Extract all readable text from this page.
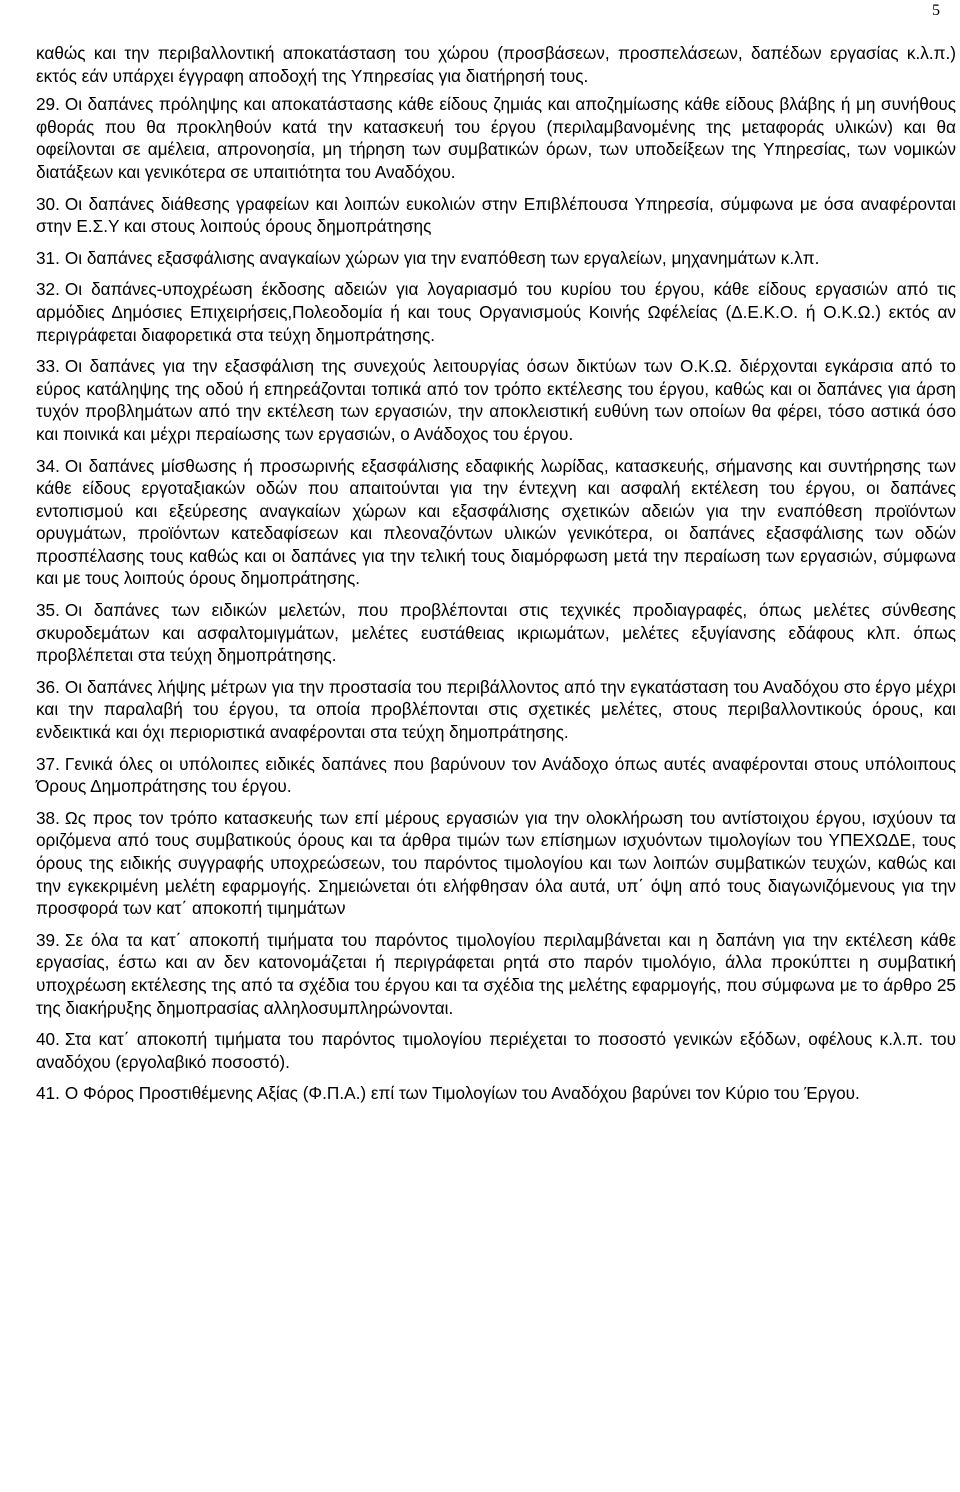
5

καθώς και την περιβαλλοντική αποκατάσταση του χώρου (προσβάσεων, προσπελάσεων, δαπέδων εργασίας κ.λ.π.) εκτός εάν υπάρχει έγγραφη αποδοχή της Υπηρεσίας για διατήρησή τους.

29. Οι δαπάνες πρόληψης και αποκατάστασης κάθε είδους ζημιάς και αποζημίωσης κάθε είδους βλάβης ή μη συνήθους φθοράς που θα προκληθούν κατά την κατασκευή του έργου (περιλαμβανομένης της μεταφοράς υλικών) και θα οφείλονται σε αμέλεια, απρονοησία, μη τήρηση των συμβατικών όρων, των υποδείξεων της Υπηρεσίας, των νομικών διατάξεων και γενικότερα σε υπαιτιότητα του Αναδόχου.

30. Οι δαπάνες διάθεσης γραφείων και λοιπών ευκολιών στην Επιβλέπουσα Υπηρεσία, σύμφωνα με όσα αναφέρονται στην Ε.Σ.Υ και στους λοιπούς όρους δημοπράτησης

31. Οι δαπάνες εξασφάλισης αναγκαίων χώρων για την εναπόθεση των εργαλείων, μηχανημάτων κ.λπ.

32. Οι δαπάνες-υποχρέωση έκδοσης αδειών για λογαριασμό του κυρίου του έργου, κάθε είδους εργασιών από τις αρμόδιες Δημόσιες Επιχειρήσεις,Πολεοδομία ή και τους Οργανισμούς Κοινής Ωφέλείας (Δ.Ε.Κ.Ο. ή Ο.Κ.Ω.) εκτός αν περιγράφεται διαφορετικά στα τεύχη δημοπράτησης.

33. Οι δαπάνες για την εξασφάλιση της συνεχούς λειτουργίας όσων δικτύων των Ο.Κ.Ω. διέρχονται εγκάρσια από το εύρος κατάληψης της οδού ή επηρεάζονται τοπικά από τον τρόπο εκτέλεσης του έργου, καθώς και οι δαπάνες για άρση τυχόν προβλημάτων από την εκτέλεση των εργασιών, την αποκλειστική ευθύνη των οποίων θα φέρει, τόσο αστικά όσο και ποινικά και μέχρι περαίωσης των εργασιών, ο Ανάδοχος του έργου.

34. Οι δαπάνες μίσθωσης ή προσωρινής εξασφάλισης εδαφικής λωρίδας, κατασκευής, σήμανσης και συντήρησης των κάθε είδους εργοταξιακών οδών που απαιτούνται για την έντεχνη και ασφαλή εκτέλεση του έργου, οι δαπάνες εντοπισμού και εξεύρεσης αναγκαίων χώρων και εξασφάλισης σχετικών αδειών για την εναπόθεση προϊόντων ορυγμάτων, προϊόντων κατεδαφίσεων και πλεοναζόντων υλικών γενικότερα, οι δαπάνες εξασφάλισης των οδών προσπέλασης τους καθώς και οι δαπάνες για την τελική τους διαμόρφωση μετά την περαίωση των εργασιών, σύμφωνα και με τους λοιπούς όρους δημοπράτησης.

35. Οι δαπάνες των ειδικών μελετών, που προβλέπονται στις τεχνικές προδιαγραφές, όπως μελέτες σύνθεσης σκυροδεμάτων και ασφαλτομιγμάτων, μελέτες ευστάθειας ικριωμάτων, μελέτες εξυγίανσης εδάφους κλπ. όπως προβλέπεται στα τεύχη δημοπράτησης.

36. Οι δαπάνες λήψης μέτρων για την προστασία του περιβάλλοντος από την εγκατάσταση του Αναδόχου στο έργο μέχρι και την παραλαβή του έργου, τα οποία προβλέπονται στις σχετικές μελέτες, στους περιβαλλοντικούς όρους, και ενδεικτικά και όχι περιοριστικά αναφέρονται στα τεύχη δημοπράτησης.

37. Γενικά όλες οι υπόλοιπες ειδικές δαπάνες που βαρύνουν τον Ανάδοχο όπως αυτές αναφέρονται στους υπόλοιπους Όρους Δημοπράτησης του έργου.

38. Ως προς τον τρόπο κατασκευής των επί μέρους εργασιών για την ολοκλήρωση του αντίστοιχου έργου, ισχύουν τα οριζόμενα από τους συμβατικούς όρους και τα άρθρα τιμών των επίσημων ισχυόντων τιμολογίων του ΥΠΕΧΩΔΕ, τους όρους της ειδικής συγγραφής υποχρεώσεων, του παρόντος τιμολογίου και των λοιπών συμβατικών τευχών, καθώς και την εγκεκριμένη μελέτη εφαρμογής. Σημειώνεται ότι ελήφθησαν όλα αυτά, υπ΄ όψη από τους διαγωνιζόμενους για την προσφορά των κατ΄ αποκοπή τιμημάτων

39. Σε όλα τα κατ΄ αποκοπή τιμήματα του παρόντος τιμολογίου περιλαμβάνεται και η δαπάνη για την εκτέλεση κάθε εργασίας, έστω και αν δεν κατονομάζεται ή περιγράφεται ρητά στο παρόν τιμολόγιο, άλλα προκύπτει η συμβατική υποχρέωση εκτέλεσης της από τα σχέδια του έργου και τα σχέδια της μελέτης εφαρμογής, που σύμφωνα με το άρθρο 25 της διακήρυξης δημοπρασίας αλληλοσυμπληρώνονται.

40. Στα κατ΄ αποκοπή τιμήματα του παρόντος τιμολογίου περιέχεται το ποσοστό γενικών εξόδων, οφέλους κ.λ.π. του αναδόχου (εργολαβικό ποσοστό).

41. Ο Φόρος Προστιθέμενης Αξίας (Φ.Π.Α.) επί των Τιμολογίων του Αναδόχου βαρύνει τον Κύριο του Έργου.
